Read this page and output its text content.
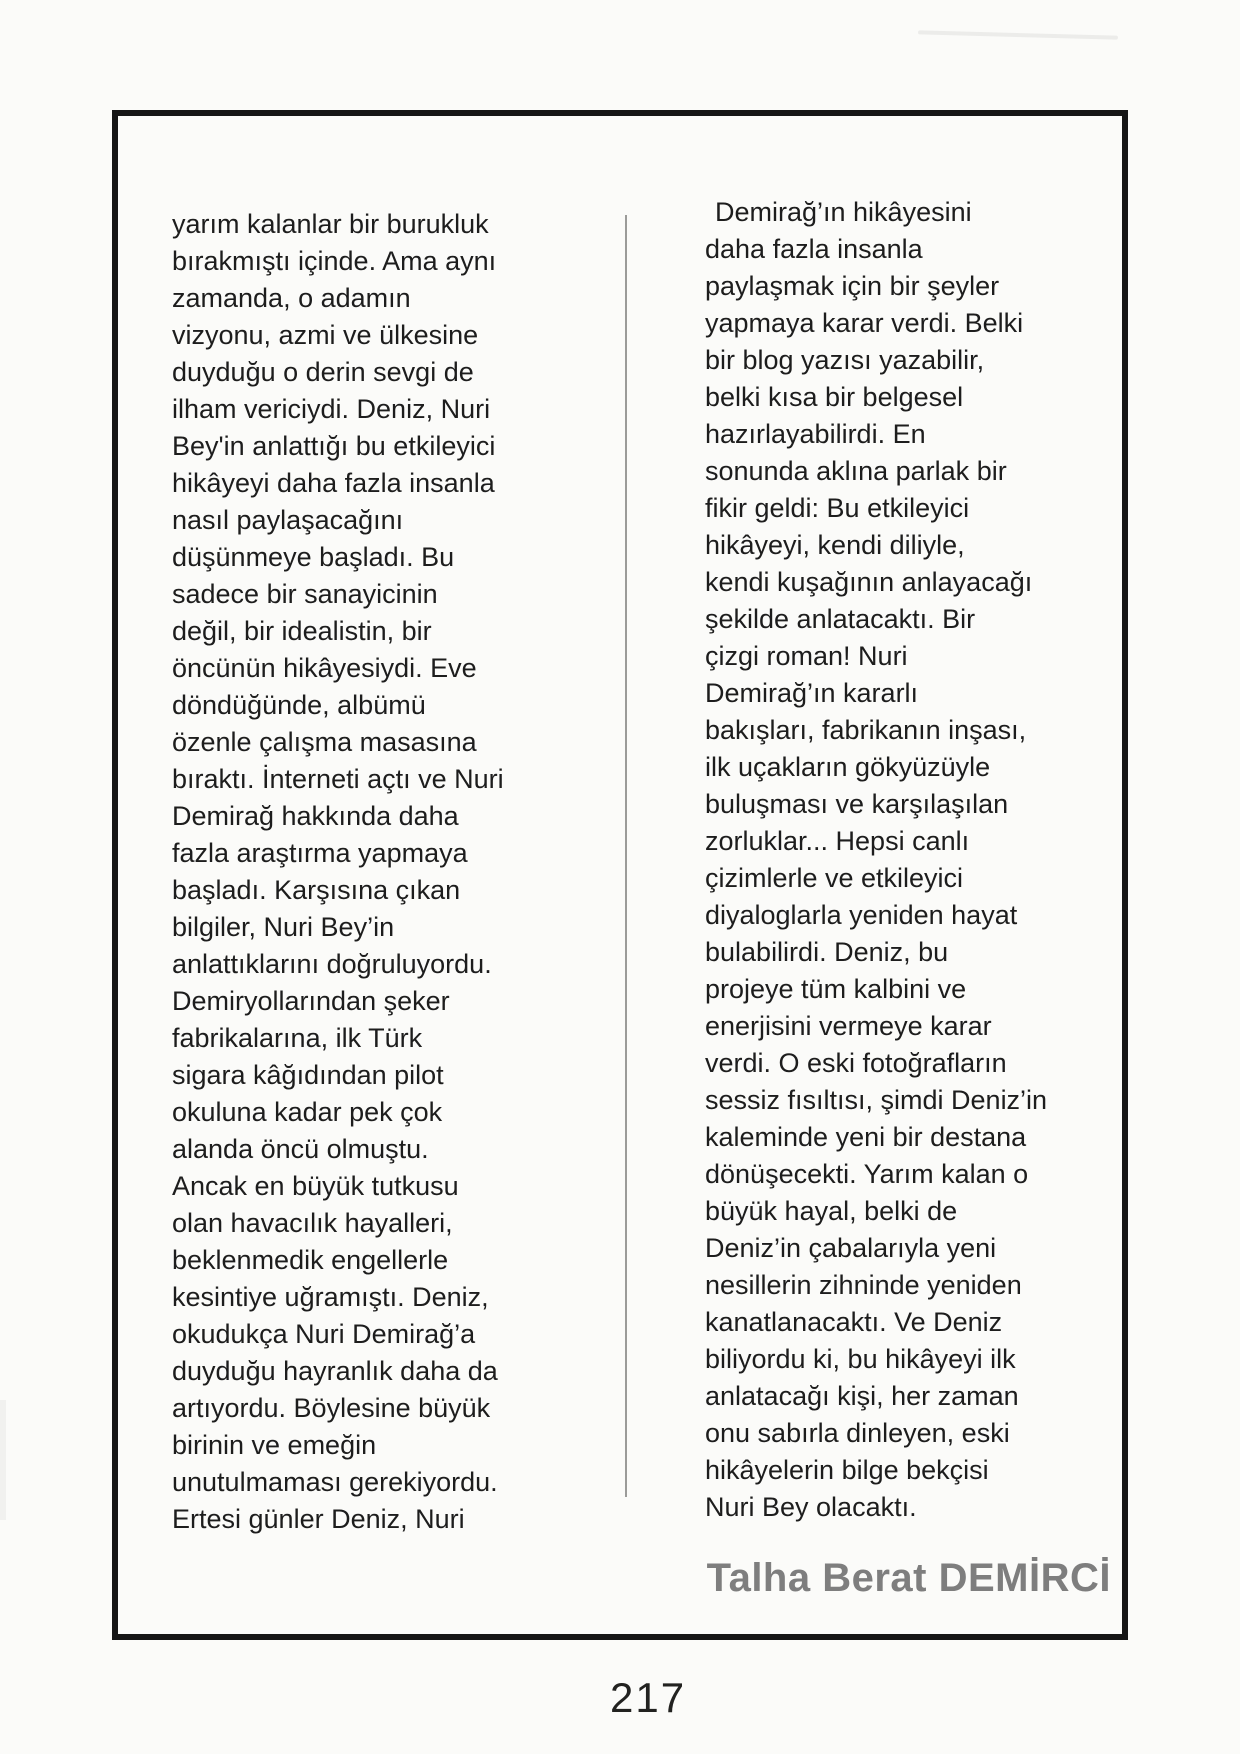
yarım kalanlar bir burukluk
bırakmıştı içinde. Ama aynı
zamanda, o adamın
vizyonu, azmi ve ülkesine
duyduğu o derin sevgi de
ilham vericiydi. Deniz, Nuri
Bey'in anlattığı bu etkileyici
hikâyeyi daha fazla insanla
nasıl paylaşacağını
düşünmeye başladı. Bu
sadece bir sanayicinin
değil, bir idealistin, bir
öncünün hikâyesiydi. Eve
döndüğünde, albümü
özenle çalışma masasına
bıraktı. İnterneti açtı ve Nuri
Demirağ hakkında daha
fazla araştırma yapmaya
başladı. Karşısına çıkan
bilgiler, Nuri Bey’in
anlattıklarını doğruluyordu.
Demiryollarından şeker
fabrikalarına, ilk Türk
sigara kâğıdından pilot
okuluna kadar pek çok
alanda öncü olmuştu.
Ancak en büyük tutkusu
olan havacılık hayalleri,
beklenmedik engellerle
kesintiye uğramıştı. Deniz,
okudukça Nuri Demirağ’a
duyduğu hayranlık daha da
artıyordu. Böylesine büyük
birinin ve emeğin
unutulmaması gerekiyordu.
Ertesi günler Deniz, Nuri
Demirağ’ın hikâyesini
daha fazla insanla
paylaşmak için bir şeyler
yapmaya karar verdi. Belki
bir blog yazısı yazabilir,
belki kısa bir belgesel
hazırlayabilirdi. En
sonunda aklına parlak bir
fikir geldi: Bu etkileyici
hikâyeyi, kendi diliyle,
kendi kuşağının anlayacağı
şekilde anlatacaktı. Bir
çizgi roman! Nuri
Demirağ’ın kararlı
bakışları, fabrikanın inşası,
ilk uçakların gökyüzüyle
buluşması ve karşılaşılan
zorluklar... Hepsi canlı
çizimlerle ve etkileyici
diyaloglarla yeniden hayat
bulabilirdi. Deniz, bu
projeye tüm kalbini ve
enerjisini vermeye karar
verdi. O eski fotoğrafların
sessiz fısıltısı, şimdi Deniz’in
kaleminde yeni bir destana
dönüşecekti. Yarım kalan o
büyük hayal, belki de
Deniz’in çabalarıyla yeni
nesillerin zihninde yeniden
kanatlanacaktı. Ve Deniz
biliyordu ki, bu hikâyeyi ilk
anlatacağı kişi, her zaman
onu sabırla dinleyen, eski
hikâyelerin bilge bekçisi
Nuri Bey olacaktı.
Talha Berat DEMİRCİ
217
